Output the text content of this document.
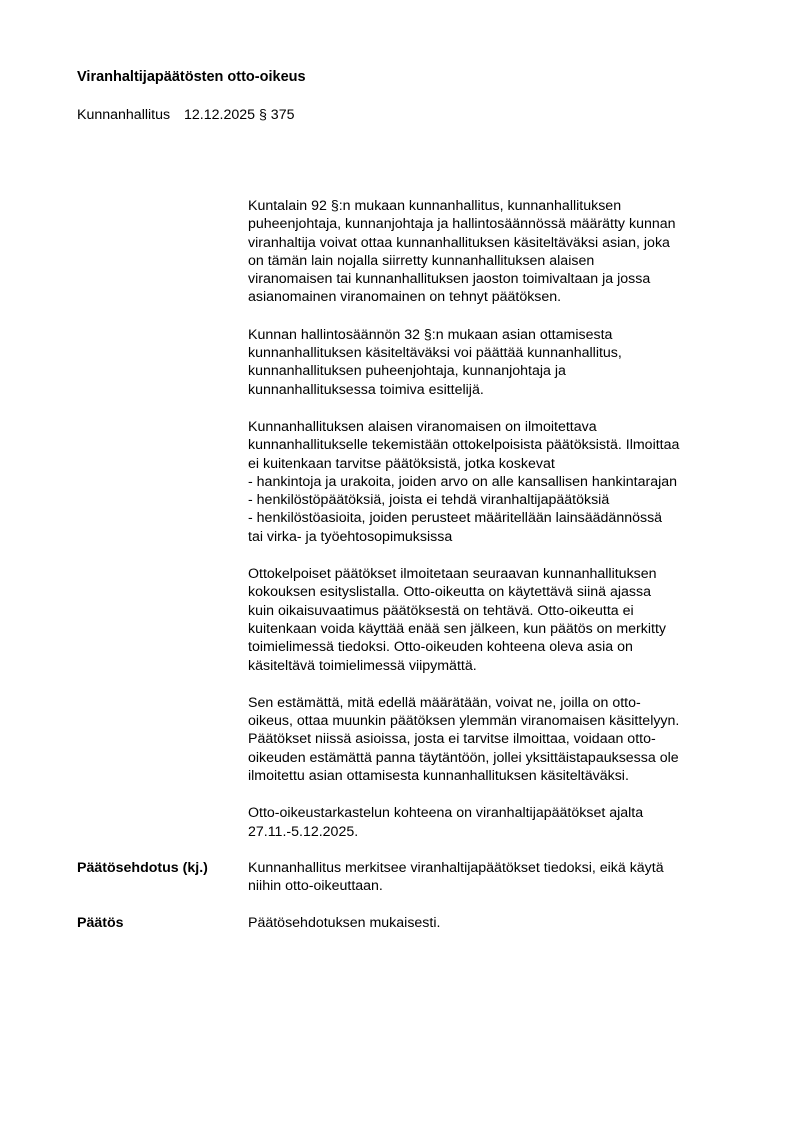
Viranhaltijapäätösten otto-oikeus
Kunnanhallitus 12.12.2025 § 375
Kuntalain 92 §:n mukaan kunnanhallitus, kunnanhallituksen
puheenjohtaja, kunnanjohtaja ja hallintosäännössä määrätty kunnan
viranhaltija voivat ottaa kunnanhallituksen käsiteltäväksi asian, joka
on tämän lain nojalla siirretty kunnanhallituksen alaisen
viranomaisen tai kunnanhallituksen jaoston toimivaltaan ja jossa
asianomainen viranomainen on tehnyt päätöksen.
Kunnan hallintosäännön 32 §:n mukaan asian ottamisesta
kunnanhallituksen käsiteltäväksi voi päättää kunnanhallitus,
kunnanhallituksen puheenjohtaja, kunnanjohtaja ja
kunnanhallituksessa toimiva esittelijä.
Kunnanhallituksen alaisen viranomaisen on ilmoitettava
kunnanhallitukselle tekemistään ottokelpoisista päätöksistä. Ilmoittaa
ei kuitenkaan tarvitse päätöksistä, jotka koskevat
- hankintoja ja urakoita, joiden arvo on alle kansallisen hankintarajan
- henkilöstöpäätöksiä, joista ei tehdä viranhaltijapäätöksiä
- henkilöstöasioita, joiden perusteet määritellään lainsäädännössä
tai virka- ja työehtosopimuksissa
Ottokelpoiset päätökset ilmoitetaan seuraavan kunnanhallituksen
kokouksen esityslistalla. Otto-oikeutta on käytettävä siinä ajassa
kuin oikaisuvaatimus päätöksestä on tehtävä. Otto-oikeutta ei
kuitenkaan voida käyttää enää sen jälkeen, kun päätös on merkitty
toimielimessä tiedoksi. Otto-oikeuden kohteena oleva asia on
käsiteltävä toimielimessä viipymättä.
Sen estämättä, mitä edellä määrätään, voivat ne, joilla on otto-
oikeus, ottaa muunkin päätöksen ylemmän viranomaisen käsittelyyn.
Päätökset niissä asioissa, josta ei tarvitse ilmoittaa, voidaan otto-
oikeuden estämättä panna täytäntöön, jollei yksittäistapauksessa ole
ilmoitettu asian ottamisesta kunnanhallituksen käsiteltäväksi.
Otto-oikeustarkastelun kohteena on viranhaltijapäätökset ajalta
27.11.-5.12.2025.
Päätösehdotus (kj.)	Kunnanhallitus merkitsee viranhaltijapäätökset tiedoksi, eikä käytä
niihin otto-oikeuttaan.
Päätös	Päätösehdotuksen mukaisesti.
